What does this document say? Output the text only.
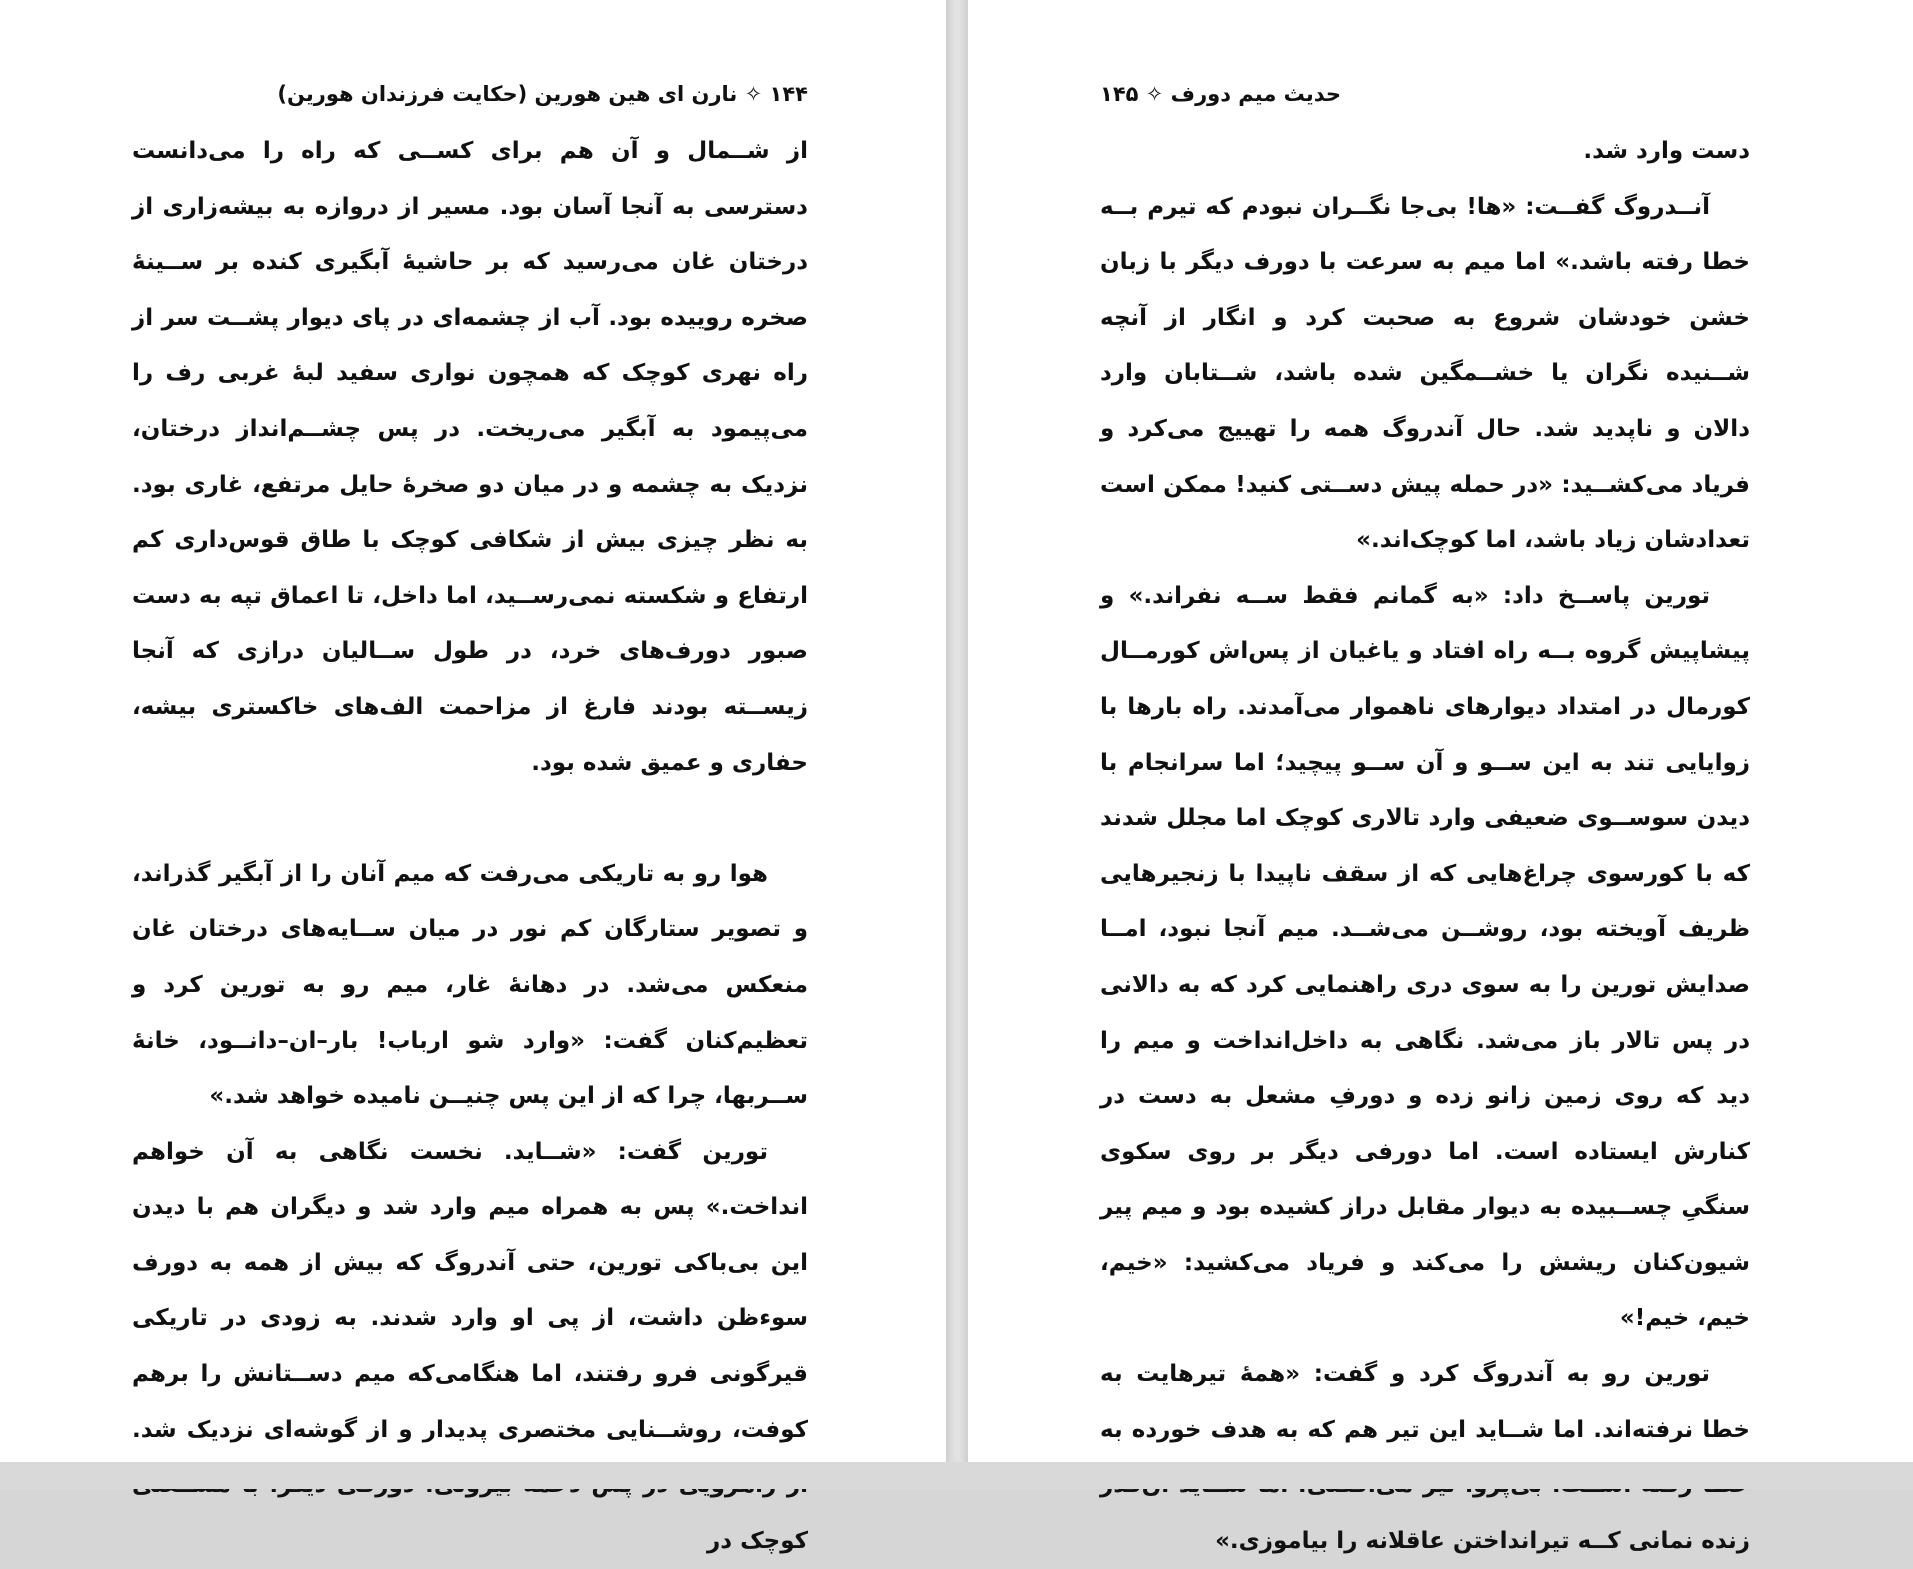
۱۴۴ ✧ نارن ای هین هورین (حکایت فرزندان هورین)

از شــمال و آن هم برای کســی که راه را می‌دانست دسترسی به آنجا آسان بود. مسیر از دروازه به بیشه‌زاری از درختان غان می‌رسید که بر حاشیهٔ آبگیری کنده بر ســینهٔ صخره روییده بود. آب از چشمه‌ای در پای دیوار پشــت سر از راه نهری کوچک که همچون نواری سفید لبهٔ غربی رف را می‌پیمود به آبگیر می‌ریخت. در پس چشــم‌انداز درختان، نزدیک به چشمه و در میان دو صخرهٔ حایل مرتفع، غاری بود. به نظر چیزی بیش از شکافی کوچک با طاق قوس‌داری کم ارتفاع و شکسته نمی‌رســید، اما داخل، تا اعماق تپه به دست صبور دورف‌های خرد، در طول ســالیان درازی که آنجا زیســته بودند فارغ از مزاحمت الف‌های خاکستری بیشه، حفاری و عمیق شده بود.

هوا رو به تاریکی می‌رفت که میم آنان را از آبگیر گذراند، و تصویر ستارگان کم نور در میان ســایه‌های درختان غان منعکس می‌شد. در دهانهٔ غار، میم رو به تورین کرد و تعظیم‌کنان گفت: «وارد شو ارباب! بار–ان–دانــود، خانهٔ ســربها، چرا که از این پس چنیــن نامیده خواهد شد.»

تورین گفت: «شــاید. نخست نگاهی به آن خواهم انداخت.» پس به همراه میم وارد شد و دیگران هم با دیدن این بی‌باکی تورین، حتی آندروگ که بیش از همه به دورف سوءظن داشت، از پی او وارد شدند. به زودی در تاریکی قیرگونی فرو رفتند، اما هنگامی‌که میم دســتانش را برهم کوفت، روشــنایی مختصری پدیدار و از گوشه‌ای نزدیک شد. کوچک در

حدیث میم دورف ✧ ۱۴۵

دست وارد شد.

آنــدروگ گفــت: «ها! بی‌جا نگــران نبودم که تیرم بــه خطا رفته باشد.» اما میم به سرعت با دورف دیگر با زبان خشن خودشان شروع به صحبت کرد و انگار از آنچه شــنیده نگران یا خشــمگین شده باشد، شــتابان وارد دالان و ناپدید شد. حال آندروگ همه را تهییج می‌کرد و فریاد می‌کشــید: «در حمله پیش دســتی کنید! ممکن است تعدادشان زیاد باشد، اما کوچک‌اند.»

تورین پاســخ داد: «به گمانم فقط ســه نفراند.» و پیشاپیش گروه بــه راه افتاد و یاغیان از پس‌اش کورمــال کورمال در امتداد دیوارهای ناهموار می‌آمدند. راه بارها با زوایایی تند به این ســو و آن ســو پیچید؛ اما سرانجام با دیدن سوســوی ضعیفی وارد تالاری کوچک اما مجلل شدند که با کورسوی چراغ‌هایی که از سقف ناپیدا با زنجیرهایی ظریف آویخته بود، روشــن می‌شــد. میم آنجا نبود، امــا صدایش تورین را به سوی دری راهنمایی کرد که به دالانی در پس تالار باز می‌شد. نگاهی به داخل‌انداخت و میم را دید که روی زمین زانو زده و دورفِ مشعل به دست در کنارش ایستاده است. اما دورفی دیگر بر روی سکوی سنگیِ چســبیده به دیوار مقابل دراز کشیده بود و میم پیر شیون‌کنان ریشش را می‌کند و فریاد می‌کشید: «خیم، خیم، خیم!»

تورین رو به آندروگ کرد و گفت: «همهٔ تیرهایت به خطا نرفته‌اند. اما شــاید این تیر هم که به هدف خورده به زنده نمانی کــه تیرانداختن عاقلانه را بیاموزی.»
